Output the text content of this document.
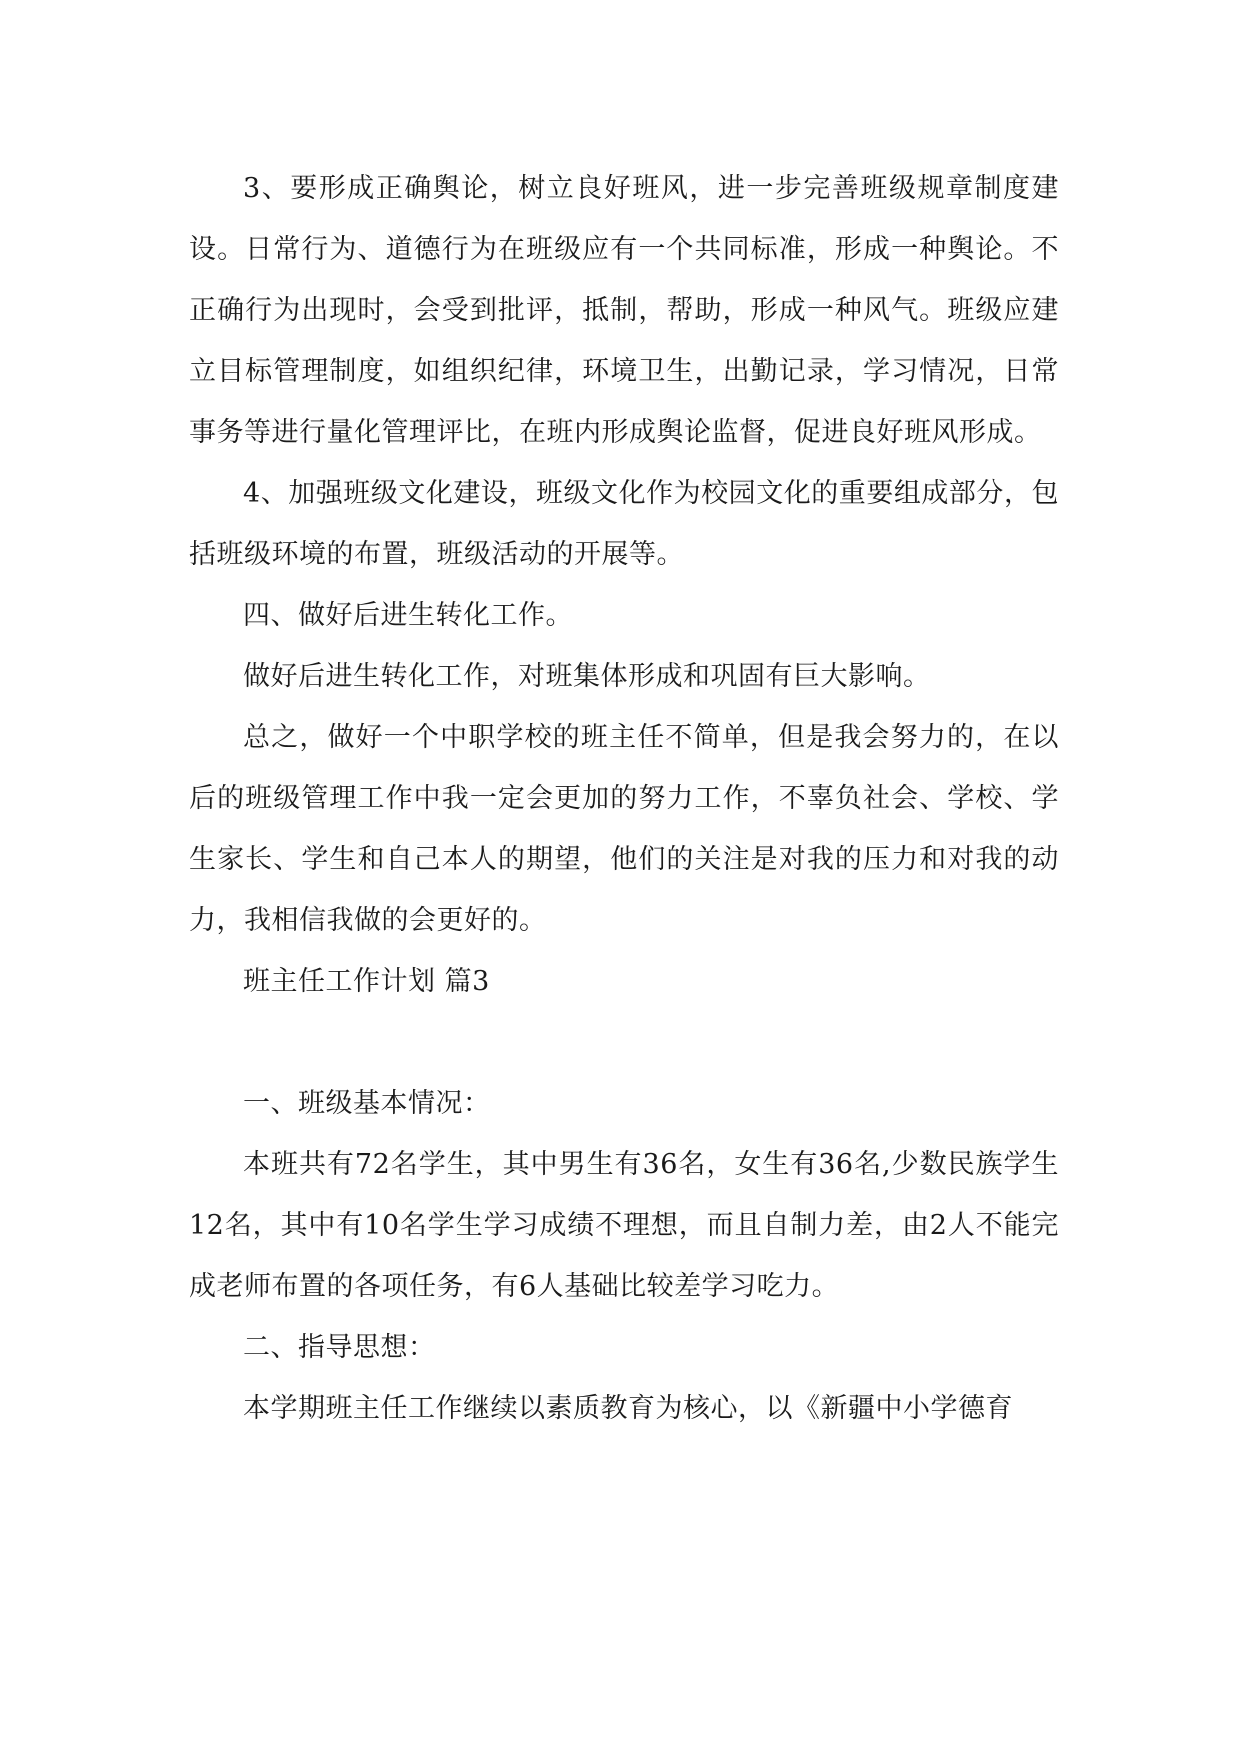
3、要形成正确舆论，树立良好班风，进一步完善班级规章制度建设。日常行为、道德行为在班级应有一个共同标准，形成一种舆论。不正确行为出现时，会受到批评，抵制，帮助，形成一种风气。班级应建立目标管理制度，如组织纪律，环境卫生，出勤记录，学习情况，日常事务等进行量化管理评比，在班内形成舆论监督，促进良好班风形成。

4、加强班级文化建设，班级文化作为校园文化的重要组成部分，包括班级环境的布置，班级活动的开展等。

四、做好后进生转化工作。

做好后进生转化工作，对班集体形成和巩固有巨大影响。

总之，做好一个中职学校的班主任不简单，但是我会努力的，在以后的班级管理工作中我一定会更加的努力工作，不辜负社会、学校、学生家长、学生和自己本人的期望，他们的关注是对我的压力和对我的动力，我相信我做的会更好的。

班主任工作计划 篇3

一、班级基本情况：

本班共有72名学生，其中男生有36名，女生有36名,少数民族学生12名，其中有10名学生学习成绩不理想，而且自制力差，由2人不能完成老师布置的各项任务，有6人基础比较差学习吃力。

二、指导思想：

本学期班主任工作继续以素质教育为核心，以《新疆中小学德育
